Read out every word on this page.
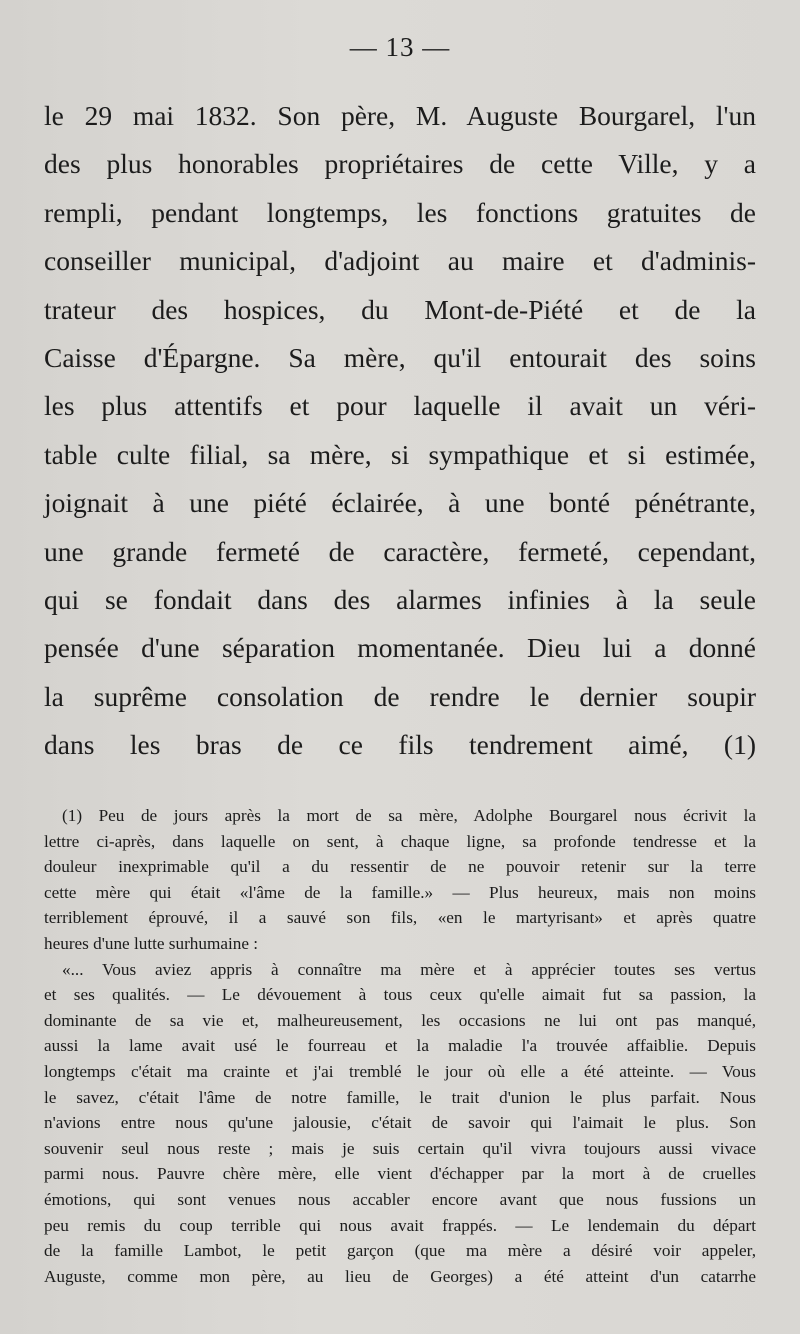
— 13 —
le 29 mai 1832. Son père, M. Auguste Bourgarel, l'un
des plus honorables propriétaires de cette Ville, y a
rempli, pendant longtemps, les fonctions gratuites de
conseiller municipal, d'adjoint au maire et d'adminis-
trateur des hospices, du Mont-de-Piété et de la
Caisse d'Épargne. Sa mère, qu'il entourait des soins
les plus attentifs et pour laquelle il avait un véri-
table culte filial, sa mère, si sympathique et si estimée,
joignait à une piété éclairée, à une bonté pénétrante,
une grande fermeté de caractère, fermeté, cependant,
qui se fondait dans des alarmes infinies à la seule
pensée d'une séparation momentanée. Dieu lui a donné
la suprême consolation de rendre le dernier soupir
dans les bras de ce fils tendrement aimé, (1)
(1) Peu de jours après la mort de sa mère, Adolphe Bourgarel nous écrivit la
lettre ci-après, dans laquelle on sent, à chaque ligne, sa profonde tendresse et la
douleur inexprimable qu'il a du ressentir de ne pouvoir retenir sur la terre
cette mère qui était «l'âme de la famille.» — Plus heureux, mais non moins
terriblement éprouvé, il a sauvé son fils, «en le martyrisant» et après quatre
heures d'une lutte surhumaine :
«... Vous aviez appris à connaître ma mère et à apprécier toutes ses vertus
et ses qualités. — Le dévouement à tous ceux qu'elle aimait fut sa passion, la
dominante de sa vie et, malheureusement, les occasions ne lui ont pas manqué,
aussi la lame avait usé le fourreau et la maladie l'a trouvée affaiblie. Depuis
longtemps c'était ma crainte et j'ai tremblé le jour où elle a été atteinte. — Vous
le savez, c'était l'âme de notre famille, le trait d'union le plus parfait. Nous
n'avions entre nous qu'une jalousie, c'était de savoir qui l'aimait le plus. Son
souvenir seul nous reste ; mais je suis certain qu'il vivra toujours aussi vivace
parmi nous. Pauvre chère mère, elle vient d'échapper par la mort à de cruelles
émotions, qui sont venues nous accabler encore avant que nous fussions un
peu remis du coup terrible qui nous avait frappés. — Le lendemain du départ
de la famille Lambot, le petit garçon (que ma mère a désiré voir appeler,
Auguste, comme mon père, au lieu de Georges) a été atteint d'un catarrhe
